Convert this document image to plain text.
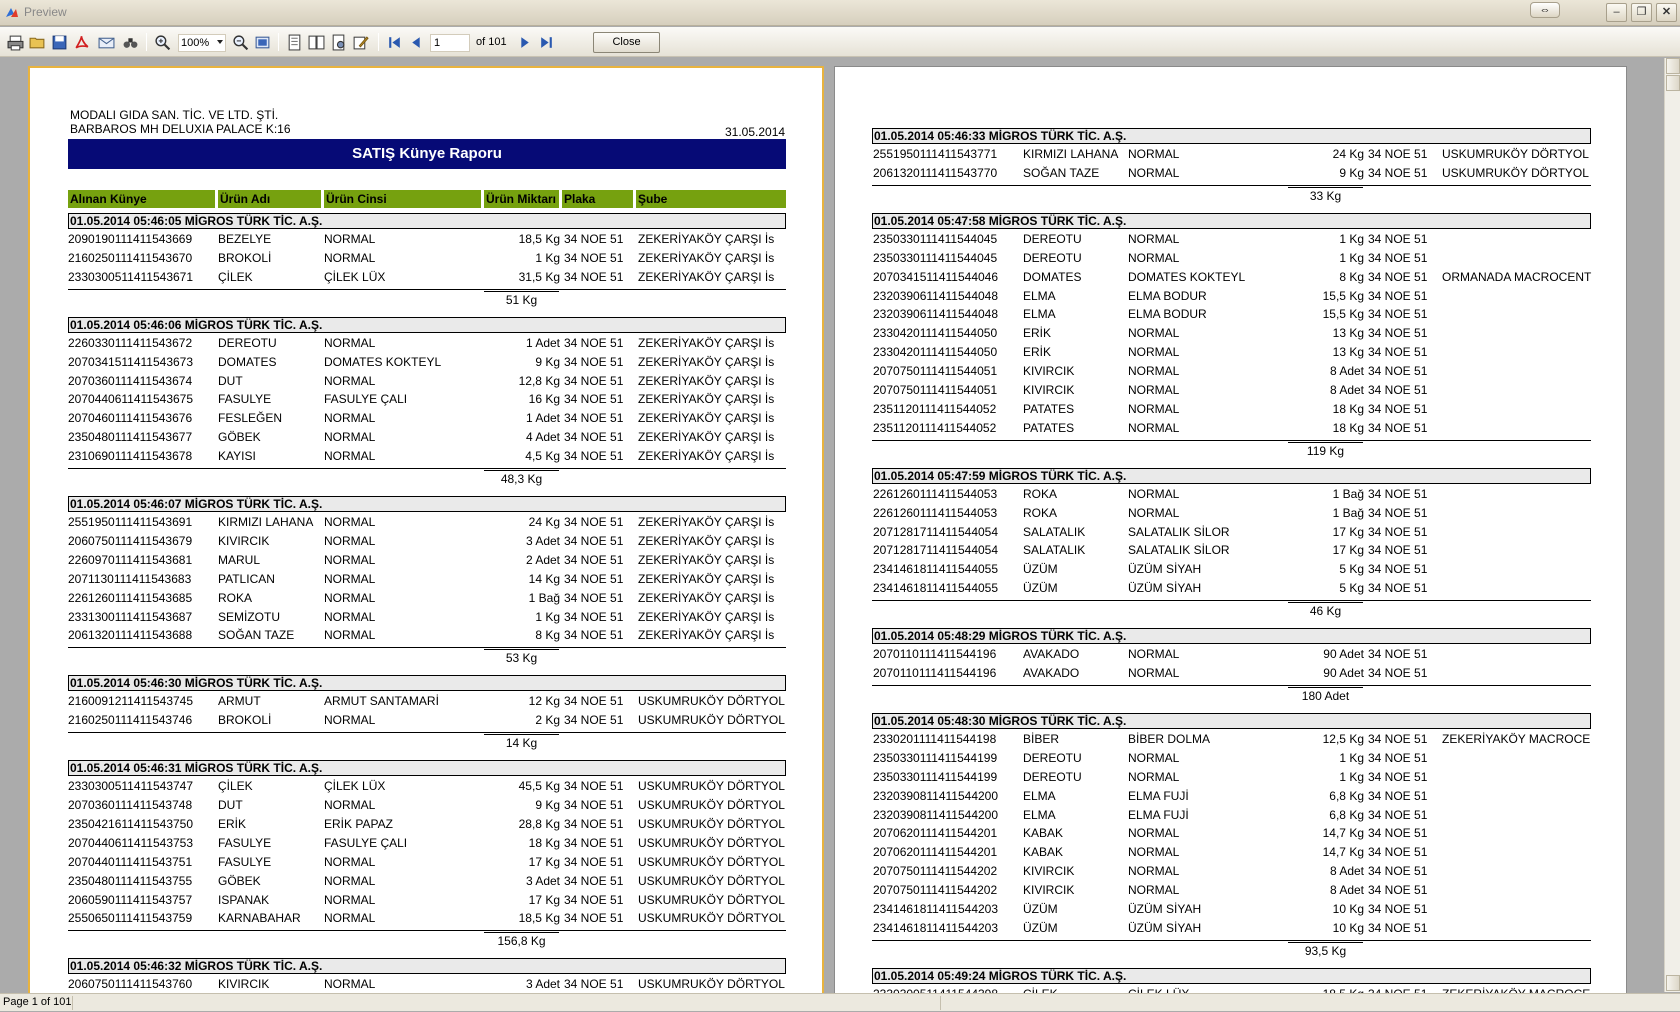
Preview	⇔	–	❐	✕
100%
1	of 101	Close
MODALI GIDA SAN. TİC. VE LTD. ŞTİ.
BARBAROS MH DELUXIA PALACE K:16	31.05.2014
SATIŞ Künye Raporu
Alınan Künye	Ürün Adı	Ürün Cinsi	Ürün Miktarı Plaka	Şube
01.05.2014 05:46:05 MİGROS TÜRK TİC. A.Ş.
2090190111411543669	BEZELYE	NORMAL	18,5 Kg 34 NOE 51	ZEKERİYAKÖY ÇARŞI İs
2160250111411543670	BROKOLİ	NORMAL	1 Kg 34 NOE 51	ZEKERİYAKÖY ÇARŞI İs
2330300511411543671	ÇİLEK	ÇİLEK LÜX	31,5 Kg 34 NOE 51	ZEKERİYAKÖY ÇARŞI İs
51 Kg
01.05.2014 05:46:06 MİGROS TÜRK TİC. A.Ş.
2260330111411543672	DEREOTU	NORMAL	1 Adet 34 NOE 51	ZEKERİYAKÖY ÇARŞI İs
2070341511411543673	DOMATES	DOMATES KOKTEYL	9 Kg 34 NOE 51	ZEKERİYAKÖY ÇARŞI İs
2070360111411543674	DUT	NORMAL	12,8 Kg 34 NOE 51	ZEKERİYAKÖY ÇARŞI İs
2070440611411543675	FASULYE	FASULYE ÇALI	16 Kg 34 NOE 51	ZEKERİYAKÖY ÇARŞI İs
2070460111411543676	FESLEĞEN	NORMAL	1 Adet 34 NOE 51	ZEKERİYAKÖY ÇARŞI İs
2350480111411543677	GÖBEK	NORMAL	4 Adet 34 NOE 51	ZEKERİYAKÖY ÇARŞI İs
2310690111411543678	KAYISI	NORMAL	4,5 Kg 34 NOE 51	ZEKERİYAKÖY ÇARŞI İs
48,3 Kg
01.05.2014 05:46:07 MİGROS TÜRK TİC. A.Ş.
2551950111411543691	KIRMIZI LAHANA NORMAL	24 Kg 34 NOE 51	ZEKERİYAKÖY ÇARŞI İs
2060750111411543679	KIVIRCIK	NORMAL	3 Adet 34 NOE 51	ZEKERİYAKÖY ÇARŞI İs
2260970111411543681	MARUL	NORMAL	2 Adet 34 NOE 51	ZEKERİYAKÖY ÇARŞI İs
2071130111411543683	PATLICAN	NORMAL	14 Kg 34 NOE 51	ZEKERİYAKÖY ÇARŞI İs
2261260111411543685	ROKA	NORMAL	1 Bağ 34 NOE 51	ZEKERİYAKÖY ÇARŞI İs
2331300111411543687	SEMİZOTU	NORMAL	1 Kg 34 NOE 51	ZEKERİYAKÖY ÇARŞI İs
2061320111411543688	SOĞAN TAZE	NORMAL	8 Kg 34 NOE 51	ZEKERİYAKÖY ÇARŞI İs
53 Kg
01.05.2014 05:46:30 MİGROS TÜRK TİC. A.Ş.
2160091211411543745	ARMUT	ARMUT SANTAMARİ	12 Kg 34 NOE 51	USKUMRUKÖY DÖRTYOL
2160250111411543746	BROKOLİ	NORMAL	2 Kg 34 NOE 51	USKUMRUKÖY DÖRTYOL
14 Kg
01.05.2014 05:46:31 MİGROS TÜRK TİC. A.Ş.
2330300511411543747	ÇİLEK	ÇİLEK LÜX	45,5 Kg 34 NOE 51	USKUMRUKÖY DÖRTYOL
2070360111411543748	DUT	NORMAL	9 Kg 34 NOE 51	USKUMRUKÖY DÖRTYOL
2350421611411543750	ERİK	ERİK PAPAZ	28,8 Kg 34 NOE 51	USKUMRUKÖY DÖRTYOL
2070440611411543753	FASULYE	FASULYE ÇALI	18 Kg 34 NOE 51	USKUMRUKÖY DÖRTYOL
2070440111411543751	FASULYE	NORMAL	17 Kg 34 NOE 51	USKUMRUKÖY DÖRTYOL
2350480111411543755	GÖBEK	NORMAL	3 Adet 34 NOE 51	USKUMRUKÖY DÖRTYOL
2060590111411543757	ISPANAK	NORMAL	17 Kg 34 NOE 51	USKUMRUKÖY DÖRTYOL
2550650111411543759	KARNABAHAR	NORMAL	18,5 Kg 34 NOE 51	USKUMRUKÖY DÖRTYOL
156,8 Kg
01.05.2014 05:46:32 MİGROS TÜRK TİC. A.Ş.
2060750111411543760	KIVIRCIK	NORMAL	3 Adet 34 NOE 51	USKUMRUKÖY DÖRTYOL
01.05.2014 05:46:33 MİGROS TÜRK TİC. A.Ş.
2551950111411543771	KIRMIZI LAHANA NORMAL	24 Kg 34 NOE 51	USKUMRUKÖY DÖRTYOL
2061320111411543770	SOĞAN TAZE	NORMAL	9 Kg 34 NOE 51	USKUMRUKÖY DÖRTYOL
33 Kg
01.05.2014 05:47:58 MİGROS TÜRK TİC. A.Ş.
2350330111411544045	DEREOTU	NORMAL	1 Kg 34 NOE 51
2350330111411544045	DEREOTU	NORMAL	1 Kg 34 NOE 51
2070341511411544046	DOMATES	DOMATES KOKTEYL	8 Kg 34 NOE 51	ORMANADA MACROCENT
2320390611411544048	ELMA	ELMA BODUR	15,5 Kg 34 NOE 51
2320390611411544048	ELMA	ELMA BODUR	15,5 Kg 34 NOE 51
2330420111411544050	ERİK	NORMAL	13 Kg 34 NOE 51
2330420111411544050	ERİK	NORMAL	13 Kg 34 NOE 51
2070750111411544051	KIVIRCIK	NORMAL	8 Adet 34 NOE 51
2070750111411544051	KIVIRCIK	NORMAL	8 Adet 34 NOE 51
2351120111411544052	PATATES	NORMAL	18 Kg 34 NOE 51
2351120111411544052	PATATES	NORMAL	18 Kg 34 NOE 51
119 Kg
01.05.2014 05:47:59 MİGROS TÜRK TİC. A.Ş.
2261260111411544053	ROKA	NORMAL	1 Bağ 34 NOE 51
2261260111411544053	ROKA	NORMAL	1 Bağ 34 NOE 51
2071281711411544054	SALATALIK	SALATALIK SİLOR	17 Kg 34 NOE 51
2071281711411544054	SALATALIK	SALATALIK SİLOR	17 Kg 34 NOE 51
2341461811411544055	ÜZÜM	ÜZÜM SİYAH	5 Kg 34 NOE 51
2341461811411544055	ÜZÜM	ÜZÜM SİYAH	5 Kg 34 NOE 51
46 Kg
01.05.2014 05:48:29 MİGROS TÜRK TİC. A.Ş.
2070110111411544196	AVAKADO	NORMAL	90 Adet 34 NOE 51
2070110111411544196	AVAKADO	NORMAL	90 Adet 34 NOE 51
180 Adet
01.05.2014 05:48:30 MİGROS TÜRK TİC. A.Ş.
2330201111411544198	BİBER	BİBER DOLMA	12,5 Kg 34 NOE 51	ZEKERİYAKÖY MACROCE
2350330111411544199	DEREOTU	NORMAL	1 Kg 34 NOE 51
2350330111411544199	DEREOTU	NORMAL	1 Kg 34 NOE 51
2320390811411544200	ELMA	ELMA FUJİ	6,8 Kg 34 NOE 51
2320390811411544200	ELMA	ELMA FUJİ	6,8 Kg 34 NOE 51
2070620111411544201	KABAK	NORMAL	14,7 Kg 34 NOE 51
2070620111411544201	KABAK	NORMAL	14,7 Kg 34 NOE 51
2070750111411544202	KIVIRCIK	NORMAL	8 Adet 34 NOE 51
2070750111411544202	KIVIRCIK	NORMAL	8 Adet 34 NOE 51
2341461811411544203	ÜZÜM	ÜZÜM SİYAH	10 Kg 34 NOE 51
2341461811411544203	ÜZÜM	ÜZÜM SİYAH	10 Kg 34 NOE 51
93,5 Kg
01.05.2014 05:49:24 MİGROS TÜRK TİC. A.Ş.
Page 1 of 101
